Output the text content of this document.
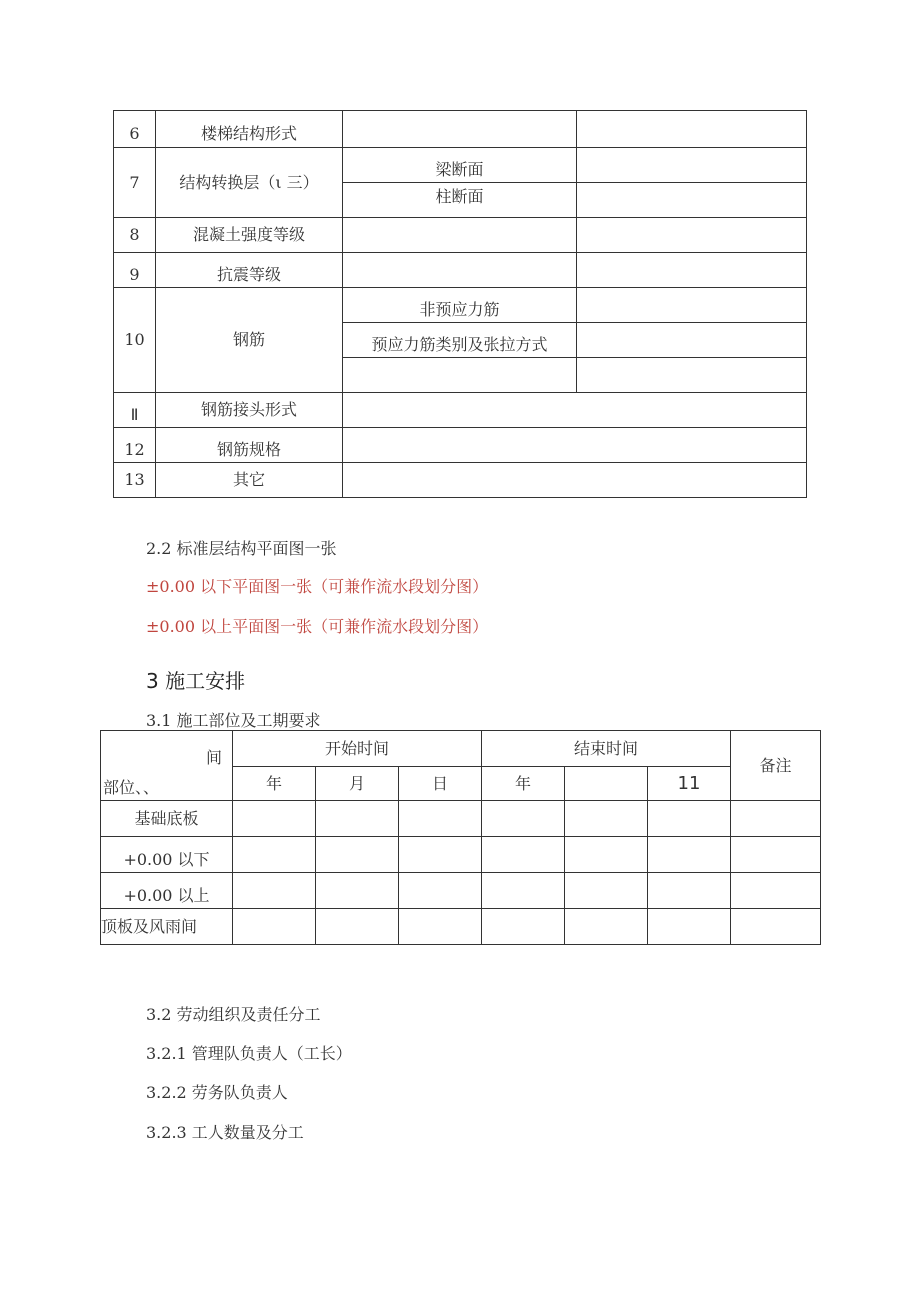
6	楼梯结构形式		
7	结构转换层（ι 三）	梁断面	
		柱断面	
8	混凝土强度等级		
9	抗震等级		
10	钢筋	非预应力筋	
		预应力筋类别及张拉方式	

Ⅱ	钢筋接头形式		
12	钢筋规格		
13	其它		
2.2 标准层结构平面图一张
±0.00 以下平面图一张（可兼作流水段划分图）
±0.00 以上平面图一张（可兼作流水段划分图）
3 施工安排
3.1 施工部位及工期要求
间
部位、、	开始时间			结束时间			备注
	年	月	日	年		11	
基础底板							
+0.00 以下							
+0.00 以上							
顶板及风雨间							
3.2 劳动组织及责任分工
3.2.1 管理队负责人（工长）
3.2.2 劳务队负责人
3.2.3 工人数量及分工
